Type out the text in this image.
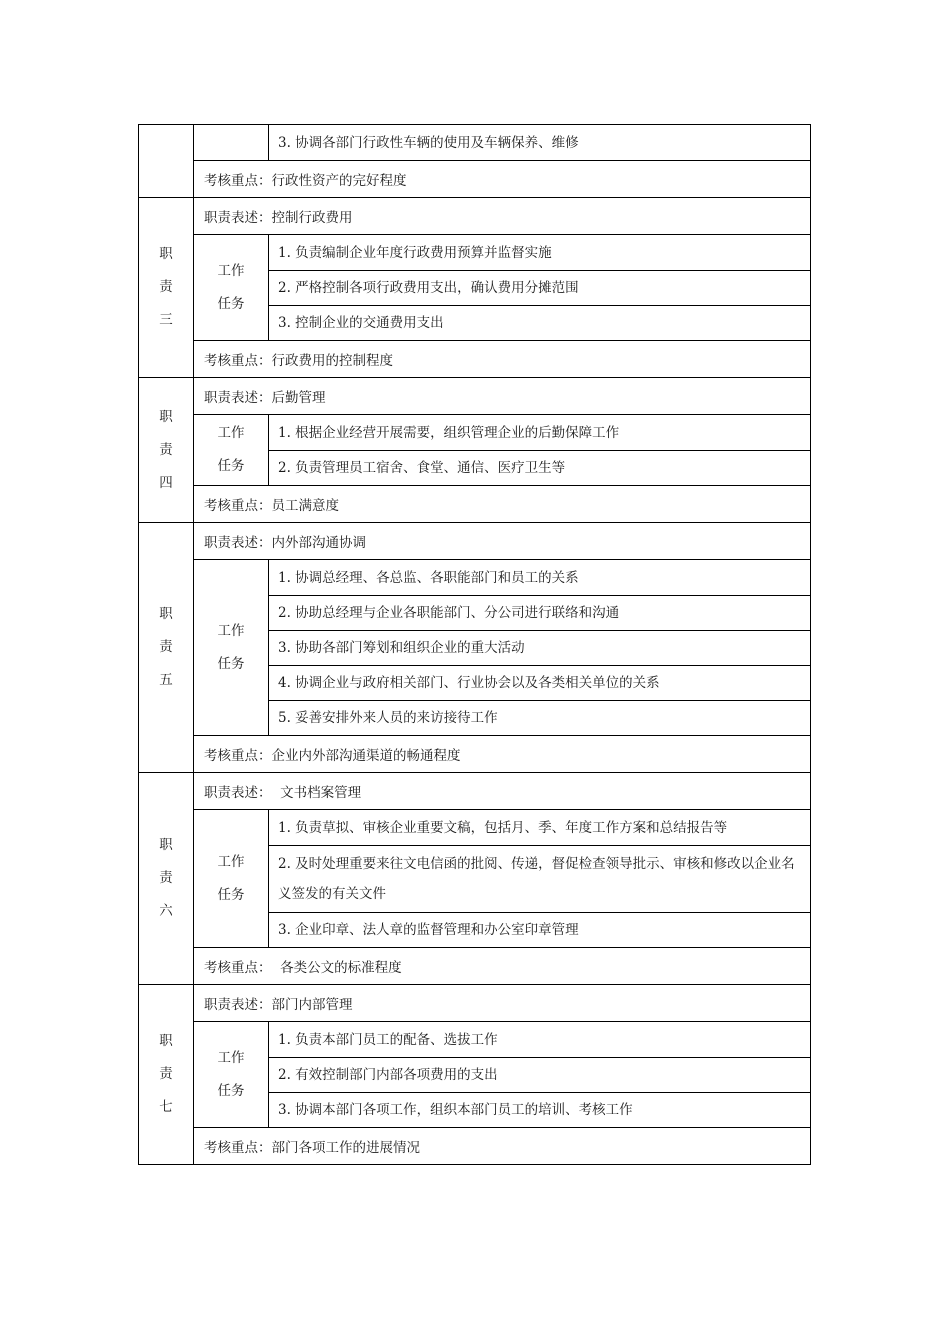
3. 协调各部门行政性车辆的使用及车辆保养、维修
考核重点：行政性资产的完好程度
职责三
职责表述：控制行政费用
工作任务
1. 负责编制企业年度行政费用预算并监督实施
2. 严格控制各项行政费用支出，确认费用分摊范围
3. 控制企业的交通费用支出
考核重点：行政费用的控制程度
职责四
职责表述：后勤管理
工作任务
1. 根据企业经营开展需要，组织管理企业的后勤保障工作
2. 负责管理员工宿舍、食堂、通信、医疗卫生等
考核重点：员工满意度
职责五
职责表述：内外部沟通协调
工作任务
1. 协调总经理、各总监、各职能部门和员工的关系
2. 协助总经理与企业各职能部门、分公司进行联络和沟通
3. 协助各部门筹划和组织企业的重大活动
4. 协调企业与政府相关部门、行业协会以及各类相关单位的关系
5. 妥善安排外来人员的来访接待工作
考核重点：企业内外部沟通渠道的畅通程度
职责六
职责表述：  文书档案管理
工作任务
1. 负责草拟、审核企业重要文稿，包括月、季、年度工作方案和总结报告等
2. 及时处理重要来往文电信函的批阅、传递，督促检查领导批示、审核和修改以企业名义签发的有关文件
3. 企业印章、法人章的监督管理和办公室印章管理
考核重点：  各类公文的标准程度
职责七
职责表述：部门内部管理
工作任务
1. 负责本部门员工的配备、选拔工作
2. 有效控制部门内部各项费用的支出
3. 协调本部门各项工作，组织本部门员工的培训、考核工作
考核重点：部门各项工作的进展情况
